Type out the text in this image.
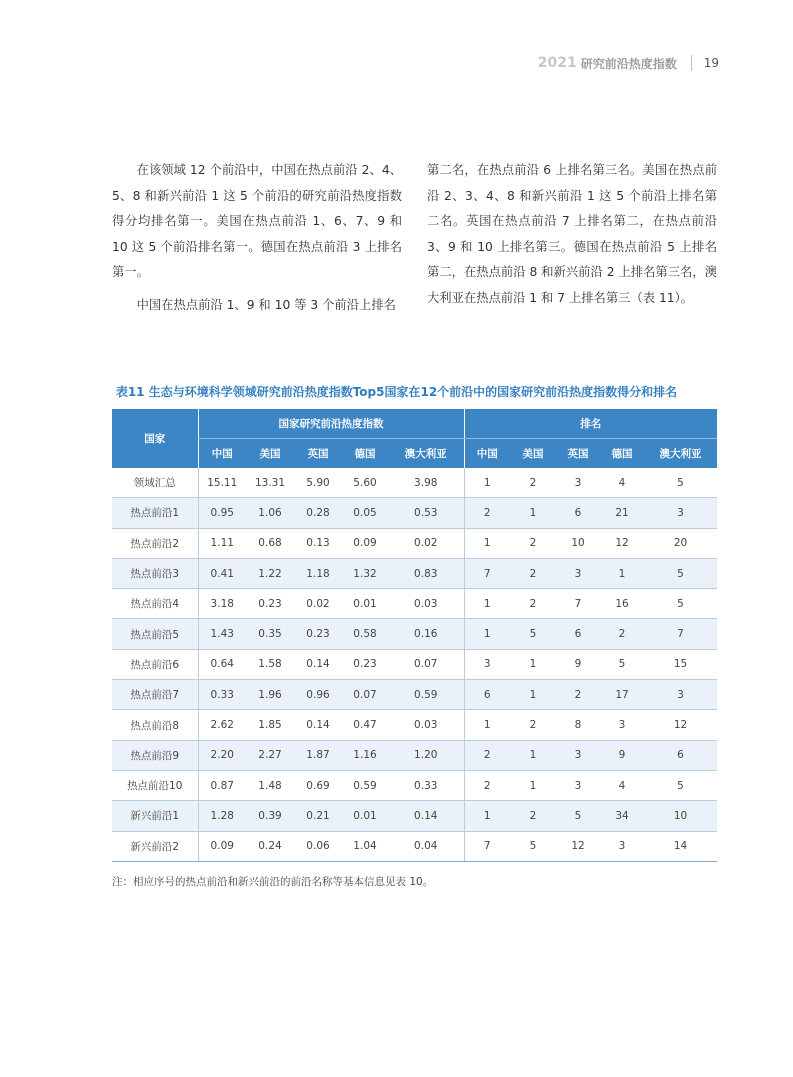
2021 研究前沿热度指数 19

在该领域 12 个前沿中，中国在热点前沿 2、4、5、8 和新兴前沿 1 这 5 个前沿的研究前沿热度指数得分均排名第一。美国在热点前沿 1、6、7、9 和 10 这 5 个前沿排名第一。德国在热点前沿 3 上排名第一。

中国在热点前沿 1、9 和 10 等 3 个前沿上排名

第二名，在热点前沿 6 上排名第三名。美国在热点前沿 2、3、4、8 和新兴前沿 1 这 5 个前沿上排名第二名。英国在热点前沿 7 上排名第二，在热点前沿 3、9 和 10 上排名第三。德国在热点前沿 5 上排名第二，在热点前沿 8 和新兴前沿 2 上排名第三名，澳大利亚在热点前沿 1 和 7 上排名第三（表 11）。

表11 生态与环境科学领域研究前沿热度指数Top5国家在12个前沿中的国家研究前沿热度指数得分和排名
国家	国家研究前沿热度指数					排名				
	中国	美国	英国	德国	澳大利亚	中国	美国	英国	德国	澳大利亚
领域汇总	15.11	13.31	5.90	5.60	3.98	1	2	3	4	5
热点前沿1	0.95	1.06	0.28	0.05	0.53	2	1	6	21	3
热点前沿2	1.11	0.68	0.13	0.09	0.02	1	2	10	12	20
热点前沿3	0.41	1.22	1.18	1.32	0.83	7	2	3	1	5
热点前沿4	3.18	0.23	0.02	0.01	0.03	1	2	7	16	5
热点前沿5	1.43	0.35	0.23	0.58	0.16	1	5	6	2	7
热点前沿6	0.64	1.58	0.14	0.23	0.07	3	1	9	5	15
热点前沿7	0.33	1.96	0.96	0.07	0.59	6	1	2	17	3
热点前沿8	2.62	1.85	0.14	0.47	0.03	1	2	8	3	12
热点前沿9	2.20	2.27	1.87	1.16	1.20	2	1	3	9	6
热点前沿10	0.87	1.48	0.69	0.59	0.33	2	1	3	4	5
新兴前沿1	1.28	0.39	0.21	0.01	0.14	1	2	5	34	10
新兴前沿2	0.09	0.24	0.06	1.04	0.04	7	5	12	3	14
注：相应序号的热点前沿和新兴前沿的前沿名称等基本信息见表 10。
